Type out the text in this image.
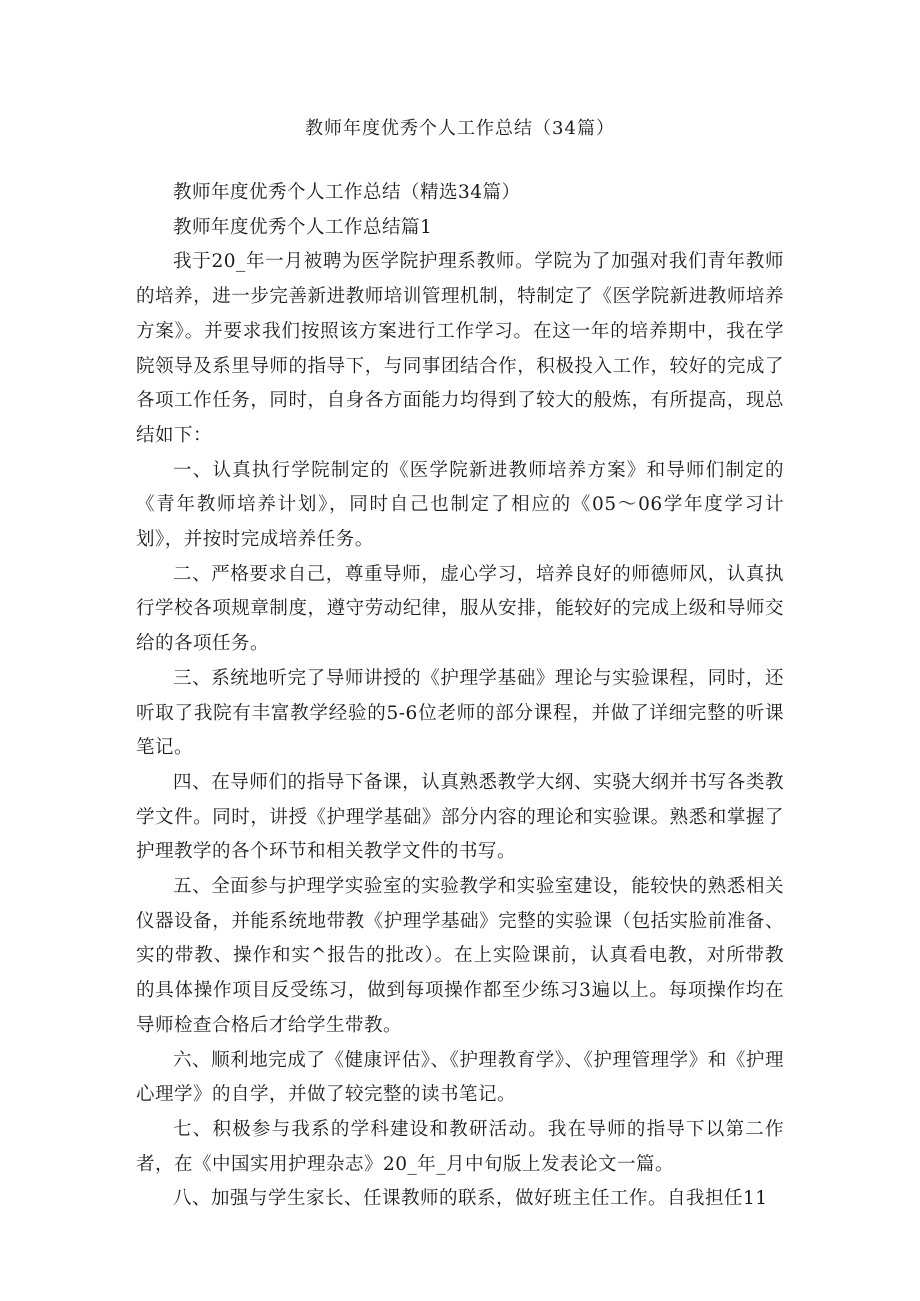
教师年度优秀个人工作总结（34篇）

教师年度优秀个人工作总结（精选34篇）

教师年度优秀个人工作总结篇1

我于20_年一月被聘为医学院护理系教师。学院为了加强对我们青年教师的培养，进一步完善新进教师培训管理机制，特制定了《医学院新进教师培养方案》。并要求我们按照该方案进行工作学习。在这一年的培养期中，我在学院领导及系里导师的指导下，与同事团结合作，积极投入工作，较好的完成了各项工作任务，同时，自身各方面能力均得到了较大的般炼，有所提高，现总结如下：

一、认真执行学院制定的《医学院新进教师培养方案》和导师们制定的《青年教师培养计划》，同时自己也制定了相应的《05～06学年度学习计划》，并按时完成培养任务。

二、严格要求自己，尊重导师，虚心学习，培养良好的师德师风，认真执行学校各项规章制度，遵守劳动纪律，服从安排，能较好的完成上级和导师交给的各项任务。

三、系统地听完了导师讲授的《护理学基础》理论与实验课程，同时，还听取了我院有丰富教学经验的5-6位老师的部分课程，并做了详细完整的听课笔记。

四、在导师们的指导下备课，认真熟悉教学大纲、实骁大纲并书写各类教学文件。同时，讲授《护理学基础》部分内容的理论和实验课。熟悉和掌握了护理教学的各个环节和相关教学文件的书写。

五、全面参与护理学实验室的实验教学和实验室建设，能较快的熟悉相关仪器设备，并能系统地带教《护理学基础》完整的实验课（包括实脸前准备、实的带教、操作和实^报告的批改）。在上实险课前，认真看电教，对所带教的具体操作项目反受练习，做到每项操作都至少练习3遍以上。每项操作均在导师检查合格后才给学生带教。

六、顺利地完成了《健康评估》、《护理教育学》、《护理管理学》和《护理心理学》的自学，并做了较完整的读书笔记。

七、积极参与我系的学科建设和教研活动。我在导师的指导下以第二作者，在《中国实用护理杂志》20_年_月中旬版上发表论文一篇。

八、加强与学生家长、任课教师的联系，做好班主任工作。自我担任11
